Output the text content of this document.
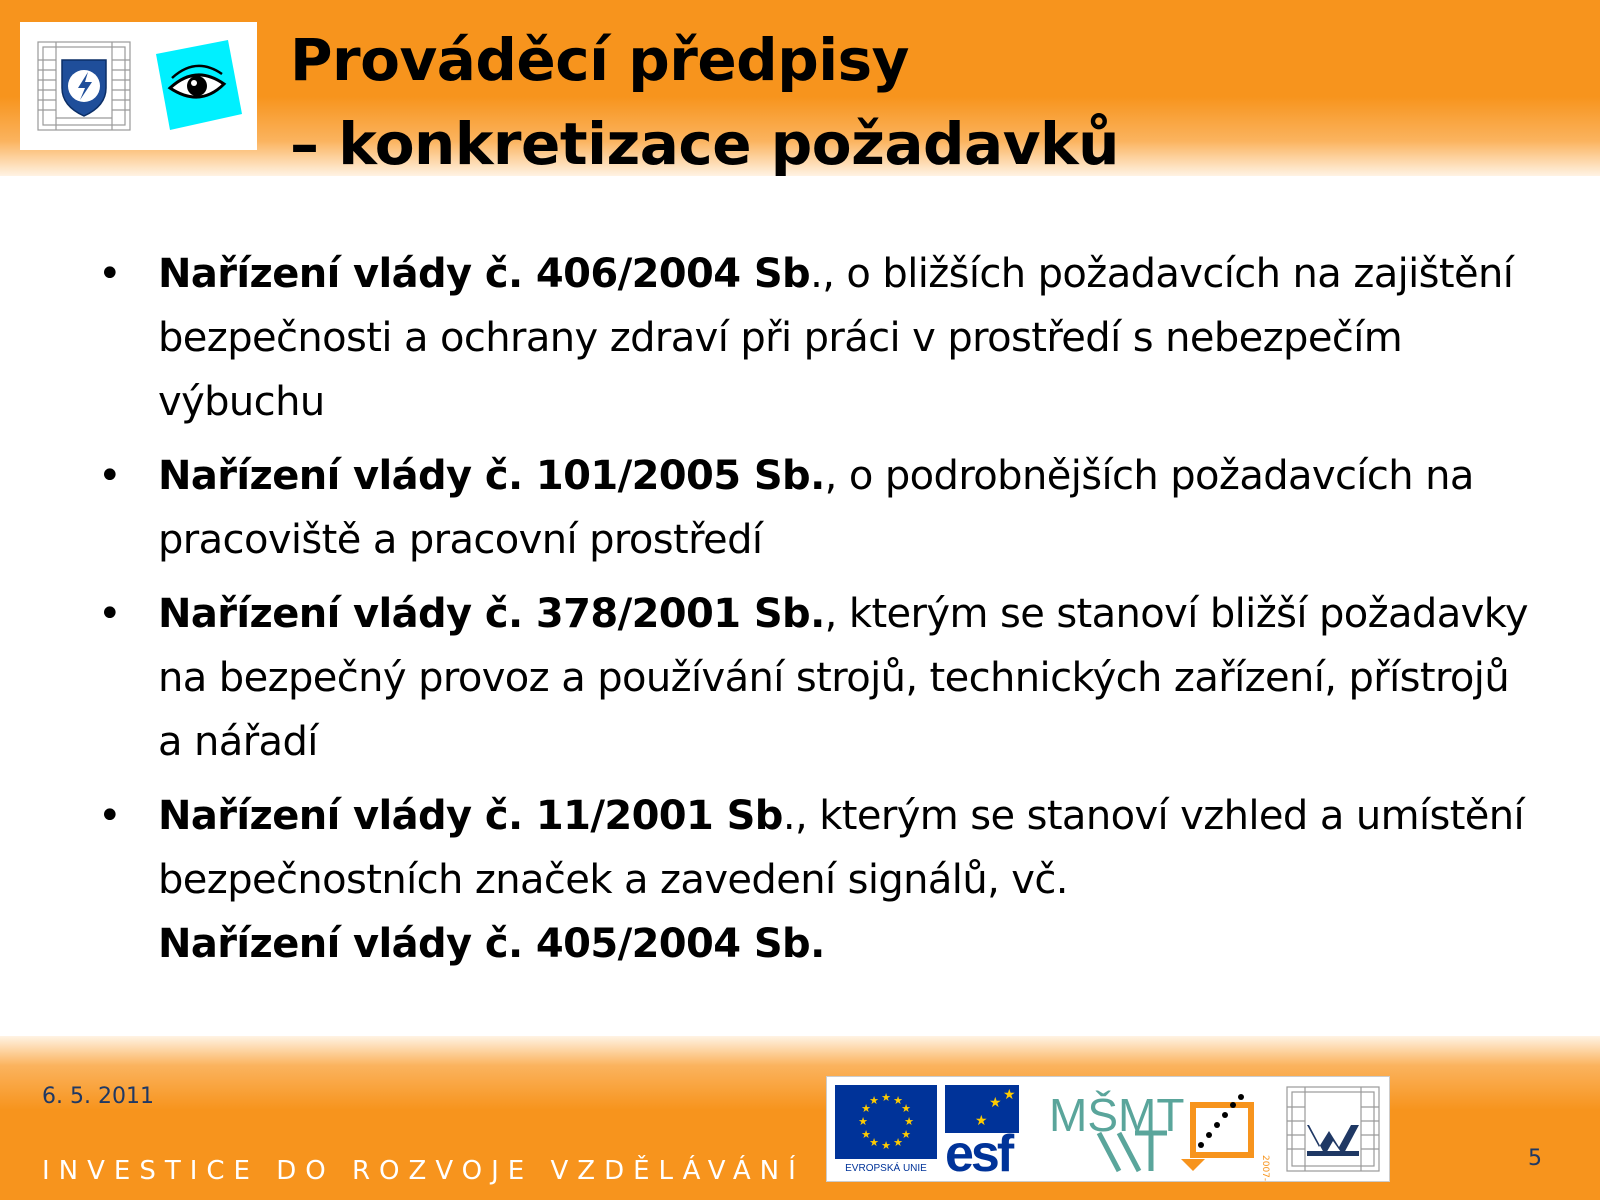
Prováděcí předpisy
– konkretizace požadavků
• Nařízení vlády č. 406/2004 Sb., o bližších požadavcích na zajištění bezpečnosti a ochrany zdraví při práci v prostředí s nebezpečím výbuchu
• Nařízení vlády č. 101/2005 Sb., o podrobnějších požadavcích na pracoviště a pracovní prostředí
• Nařízení vlády č. 378/2001 Sb., kterým se stanoví bližší požadavky na bezpečný provoz a používání strojů, technických zařízení, přístrojů a nářadí
• Nařízení vlády č. 11/2001 Sb., kterým se stanoví vzhled a umístění bezpečnostních značek a zavedení signálů, vč.
Nařízení vlády č. 405/2004 Sb.
6. 5. 2011
INVESTICE DO ROZVOJE VZDĚLÁVÁNÍ
★ ★
★
★
★
★
★
★
★
★
★
★
EVROPSKÁ UNIE
★
★ ★
esf
MŠMT
2007-13	5
